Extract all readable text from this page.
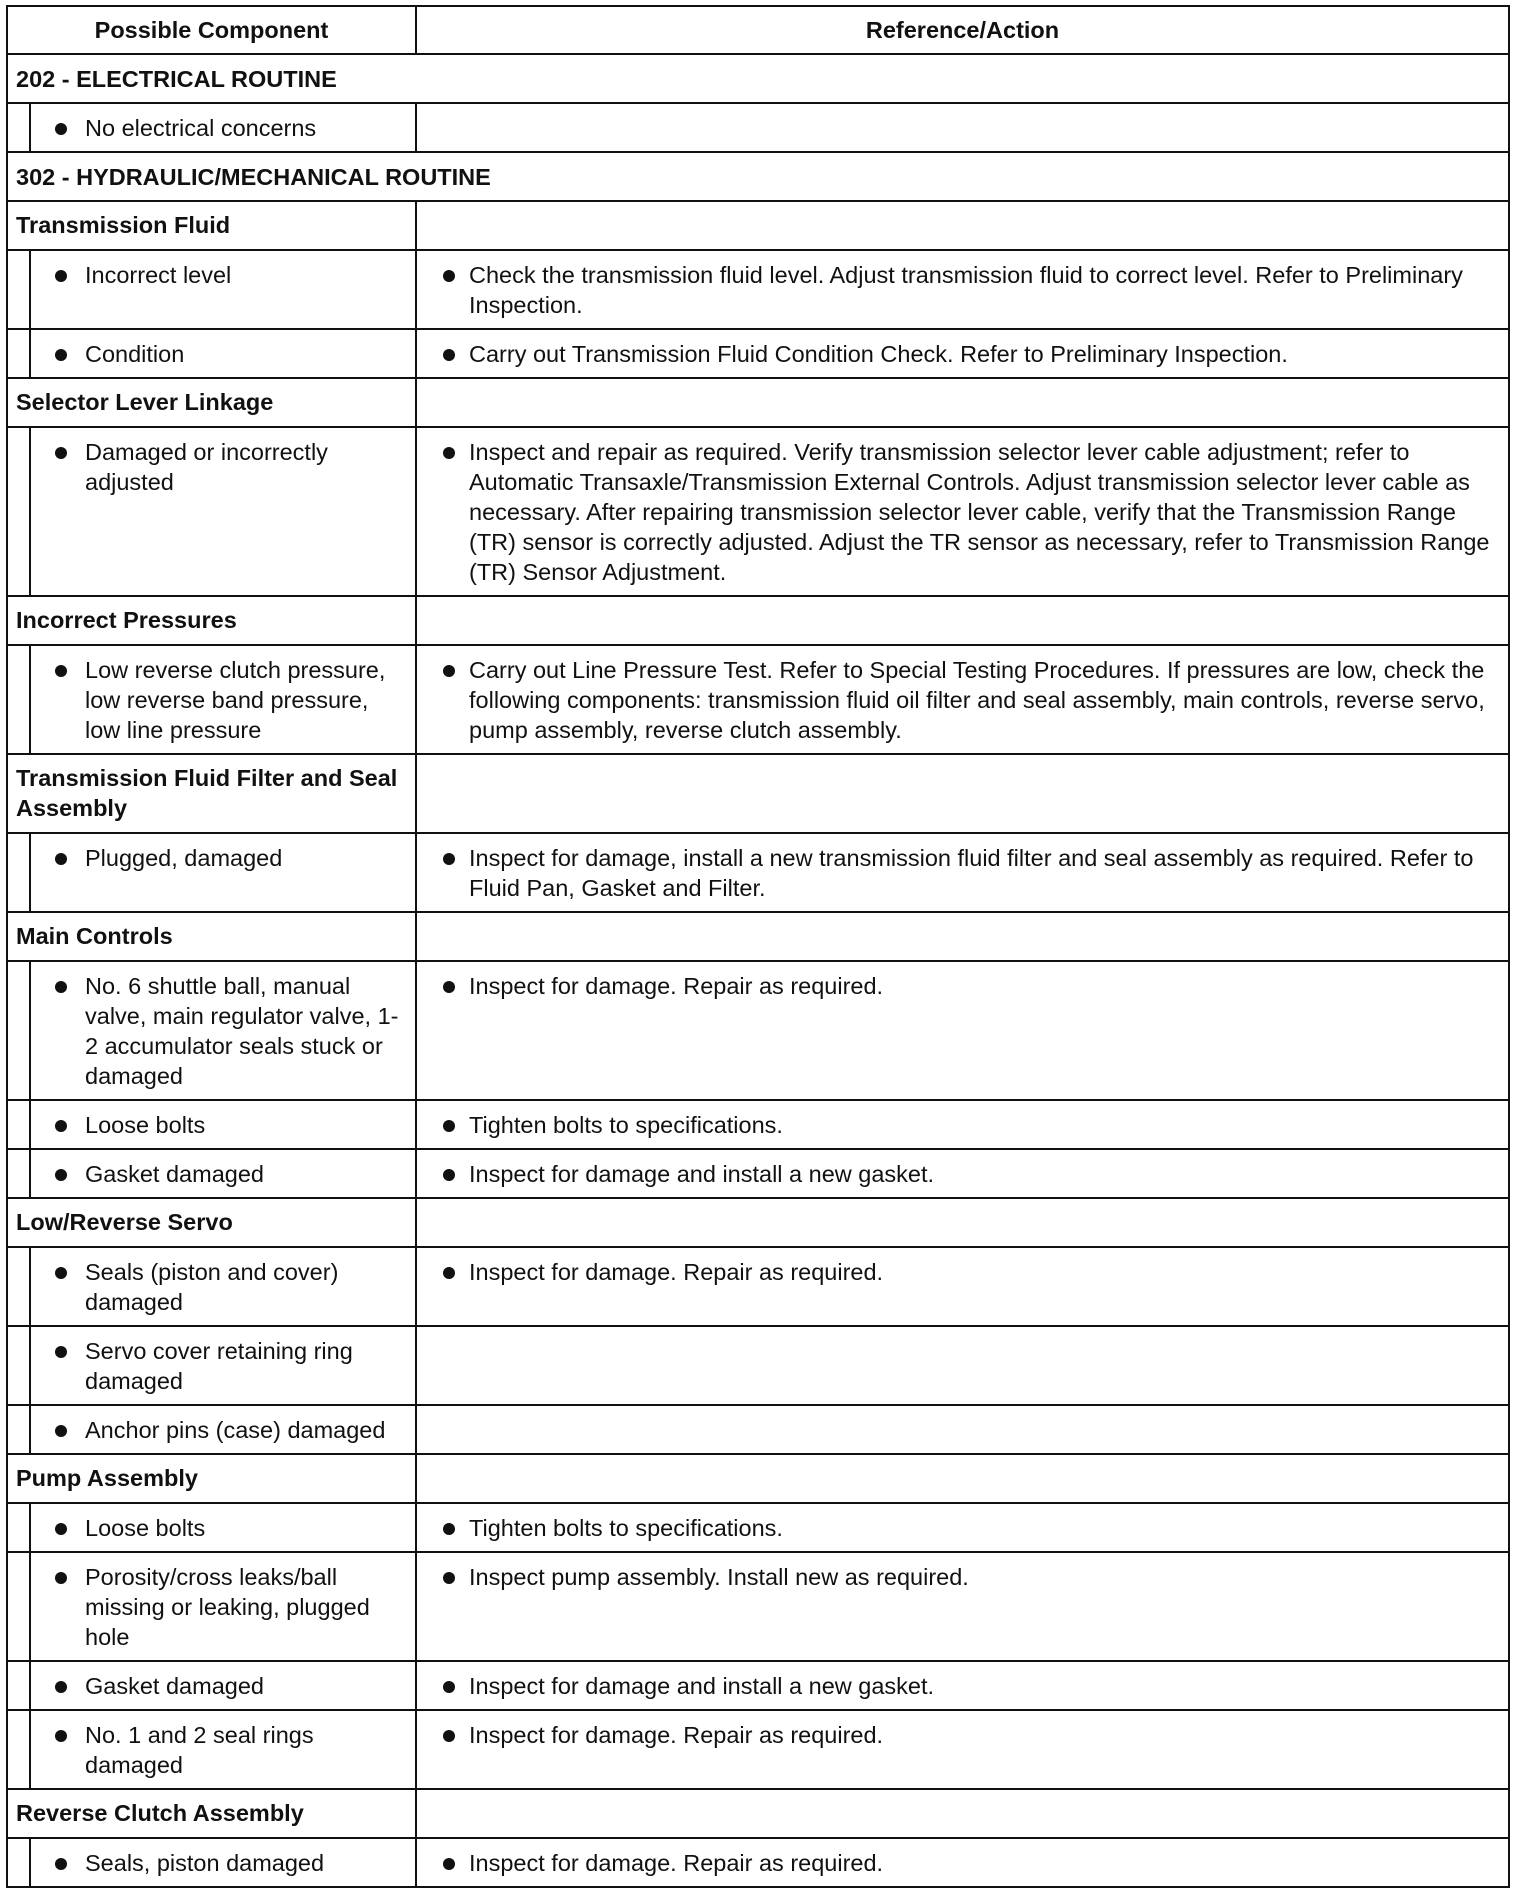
Possible Component		Reference/Action
202 - ELECTRICAL ROUTINE		

	No electrical concerns	

302 - HYDRAULIC/MECHANICAL ROUTINE		
Transmission Fluid		

	Incorrect level	Check the transmission fluid level. Adjust transmission fluid to correct level. Refer to Preliminary Inspection.

	Condition	Carry out Transmission Fluid Condition Check. Refer to Preliminary Inspection.

Selector Lever Linkage		

	Damaged or incorrectly adjusted	Inspect and repair as required. Verify transmission selector lever cable adjustment; refer to Automatic Transaxle/Transmission External Controls. Adjust transmission selector lever cable as necessary. After repairing transmission selector lever cable, verify that the Transmission Range (TR) sensor is correctly adjusted. Adjust the TR sensor as necessary, refer to Transmission Range (TR) Sensor Adjustment.

Incorrect Pressures		

	Low reverse clutch pressure, low reverse band pressure, low line pressure	Carry out Line Pressure Test. Refer to Special Testing Procedures. If pressures are low, check the following components: transmission fluid oil filter and seal assembly, main controls, reverse servo, pump assembly, reverse clutch assembly.

Transmission Fluid Filter and Seal Assembly		

	Plugged, damaged	Inspect for damage, install a new transmission fluid filter and seal assembly as required. Refer to Fluid Pan, Gasket and Filter.

Main Controls		

	No. 6 shuttle ball, manual valve, main regulator valve, 1-2 accumulator seals stuck or damaged	Inspect for damage. Repair as required.

	Loose bolts	Tighten bolts to specifications.

	Gasket damaged	Inspect for damage and install a new gasket.

Low/Reverse Servo		

	Seals (piston and cover) damaged	Inspect for damage. Repair as required.

	Servo cover retaining ring damaged	

	Anchor pins (case) damaged	

Pump Assembly		

	Loose bolts	Tighten bolts to specifications.

	Porosity/cross leaks/ball missing or leaking, plugged hole	Inspect pump assembly. Install new as required.

	Gasket damaged	Inspect for damage and install a new gasket.

	No. 1 and 2 seal rings damaged	Inspect for damage. Repair as required.

Reverse Clutch Assembly		

	Seals, piston damaged	Inspect for damage. Repair as required.
